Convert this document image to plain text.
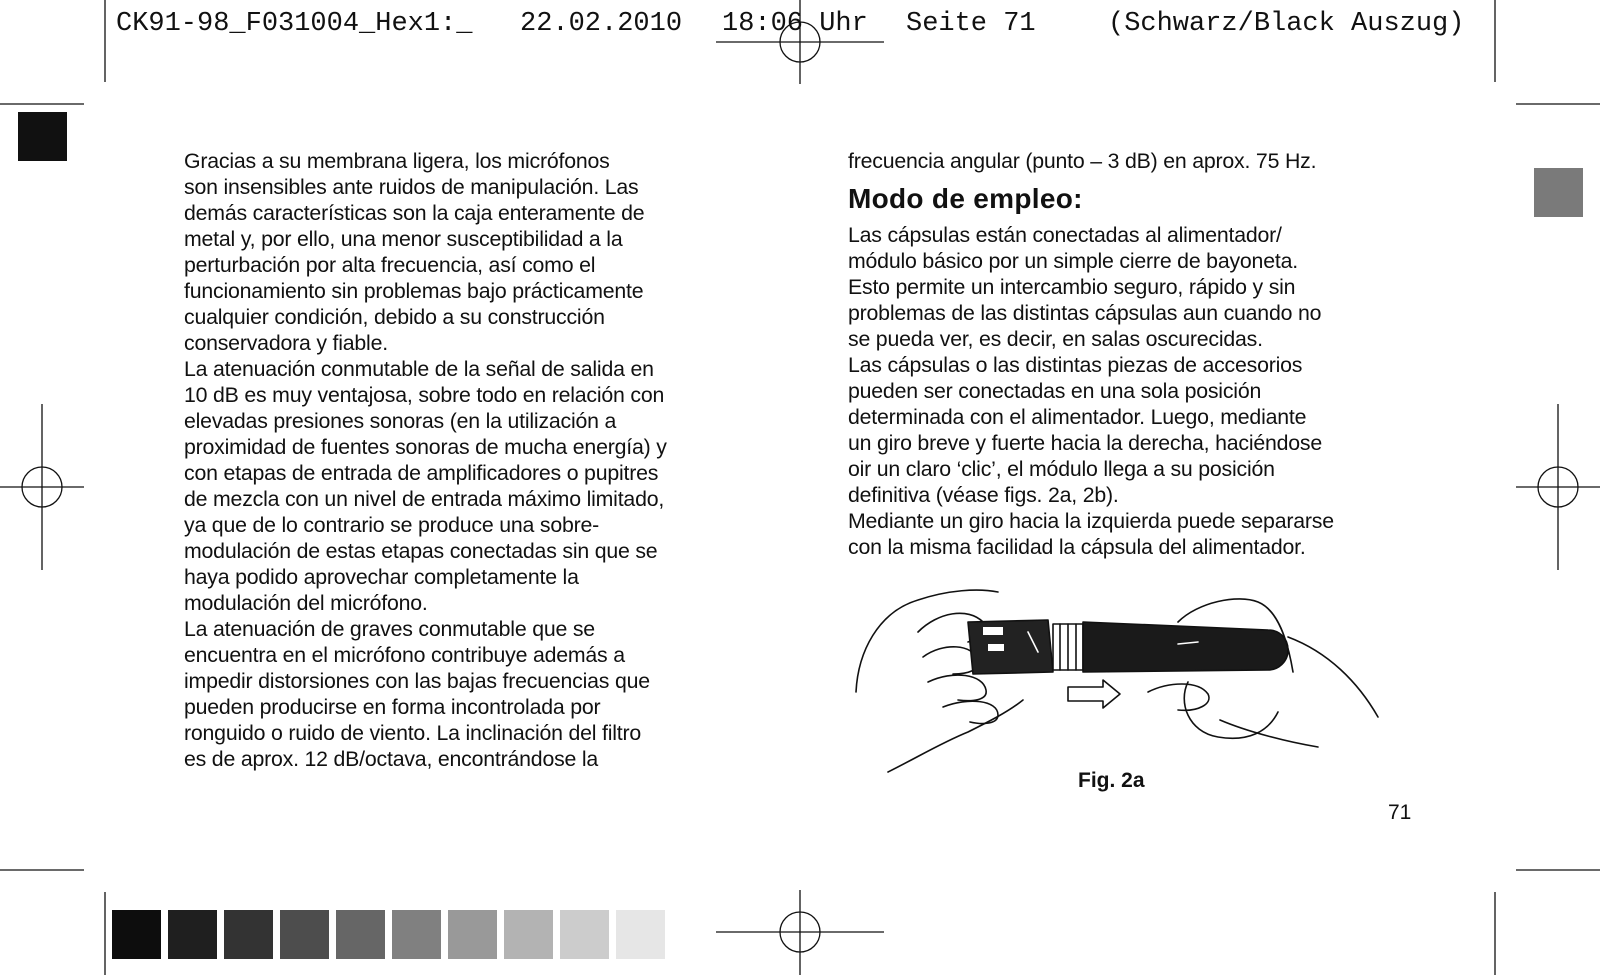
CK91-98_F031004_Hex1:_

22.02.2010

18:06 Uhr

Seite 71

	(Schwarz/Black Auszug)

Gracias a su membrana ligera, los micrófonos

son insensibles ante ruidos de manipulación. Las

demás características son la caja enteramente de

metal y, por ello, una menor susceptibilidad a la

perturbación por alta frecuencia, así como el

funcionamiento sin problemas bajo prácticamente

cualquier condición, debido a su construcción

conservadora y fiable.

La atenuación conmutable de la señal de salida en

10 dB es muy ventajosa, sobre todo en relación con

elevadas presiones sonoras (en la utilización a

proximidad de fuentes sonoras de mucha energía) y

con etapas de entrada de amplificadores o pupitres

de mezcla con un nivel de entrada máximo limitado,

ya que de lo contrario se produce una sobre-

modulación de estas etapas conectadas sin que se

haya podido aprovechar completamente la

modulación del micrófono.

La atenuación de graves conmutable que se

encuentra en el micrófono contribuye además a

impedir distorsiones con las bajas frecuencias que

pueden producirse en forma incontrolada por

ronguido o ruido de viento. La inclinación del filtro

es de aprox. 12 dB/octava, encontrándose la

frecuencia angular (punto – 3 dB) en aprox. 75 Hz.

Modo de empleo:

Las cápsulas están conectadas al alimentador/

módulo básico por un simple cierre de bayoneta.

Esto permite un intercambio seguro, rápido y sin

problemas de las distintas cápsulas aun cuando no

se pueda ver, es decir, en salas oscurecidas.

Las cápsulas o las distintas piezas de accesorios

pueden ser conectadas en una sola posición

determinada con el alimentador. Luego, mediante

un giro breve y fuerte hacia la derecha, haciéndose

oir un claro ‘clic’, el módulo llega a su posición

definitiva (véase figs. 2a, 2b).

Mediante un giro hacia la izquierda puede separarse

con la misma facilidad la cápsula del alimentador.

Fig. 2a
71
